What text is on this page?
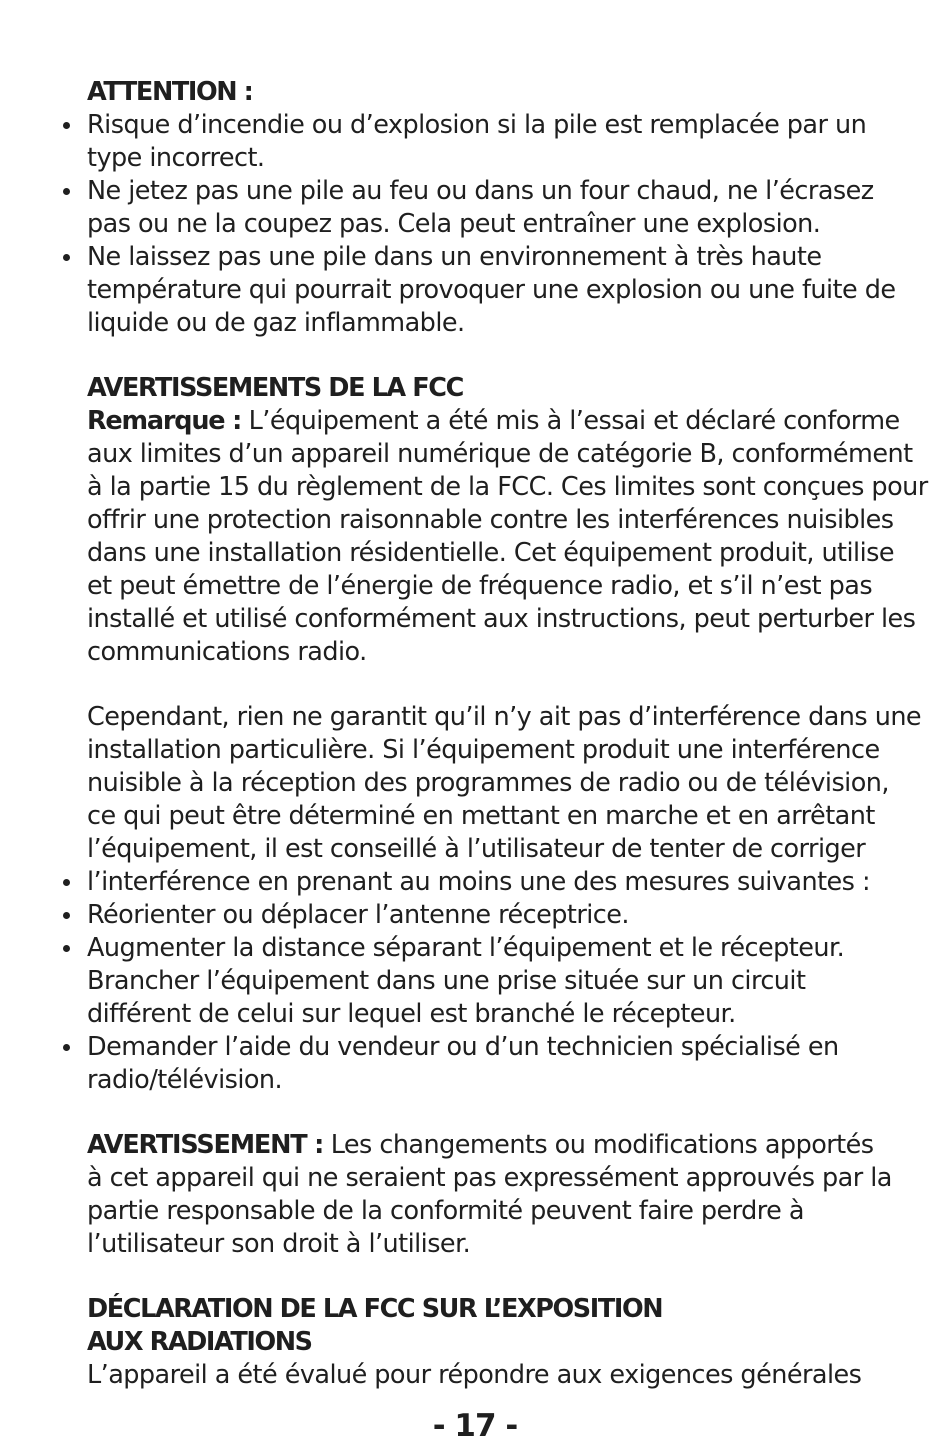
ATTENTION :
Risque d’incendie ou d’explosion si la pile est remplacée par un
type incorrect.
Ne jetez pas une pile au feu ou dans un four chaud, ne l’écrasez
pas ou ne la coupez pas. Cela peut entraîner une explosion.
Ne laissez pas une pile dans un environnement à très haute
température qui pourrait provoquer une explosion ou une fuite de
liquide ou de gaz inflammable.
AVERTISSEMENTS DE LA FCC
Remarque : L’équipement a été mis à l’essai et déclaré conforme
aux limites d’un appareil numérique de catégorie B, conformément
à la partie 15 du règlement de la FCC. Ces limites sont conçues pour
offrir une protection raisonnable contre les interférences nuisibles
dans une installation résidentielle. Cet équipement produit, utilise
et peut émettre de l’énergie de fréquence radio, et s’il n’est pas
installé et utilisé conformément aux instructions, peut perturber les
communications radio.
Cependant, rien ne garantit qu’il n’y ait pas d’interférence dans une
installation particulière. Si l’équipement produit une interférence
nuisible à la réception des programmes de radio ou de télévision,
ce qui peut être déterminé en mettant en marche et en arrêtant
l’équipement, il est conseillé à l’utilisateur de tenter de corriger
l’interférence en prenant au moins une des mesures suivantes :
Réorienter ou déplacer l’antenne réceptrice.
Augmenter la distance séparant l’équipement et le récepteur.
Brancher l’équipement dans une prise située sur un circuit
différent de celui sur lequel est branché le récepteur.
Demander l’aide du vendeur ou d’un technicien spécialisé en
radio/télévision.
AVERTISSEMENT : Les changements ou modifications apportés
à cet appareil qui ne seraient pas expressément approuvés par la
partie responsable de la conformité peuvent faire perdre à
l’utilisateur son droit à l’utiliser.
DÉCLARATION DE LA FCC SUR L’EXPOSITION
AUX RADIATIONS
L’appareil a été évalué pour répondre aux exigences générales
- 17 -
